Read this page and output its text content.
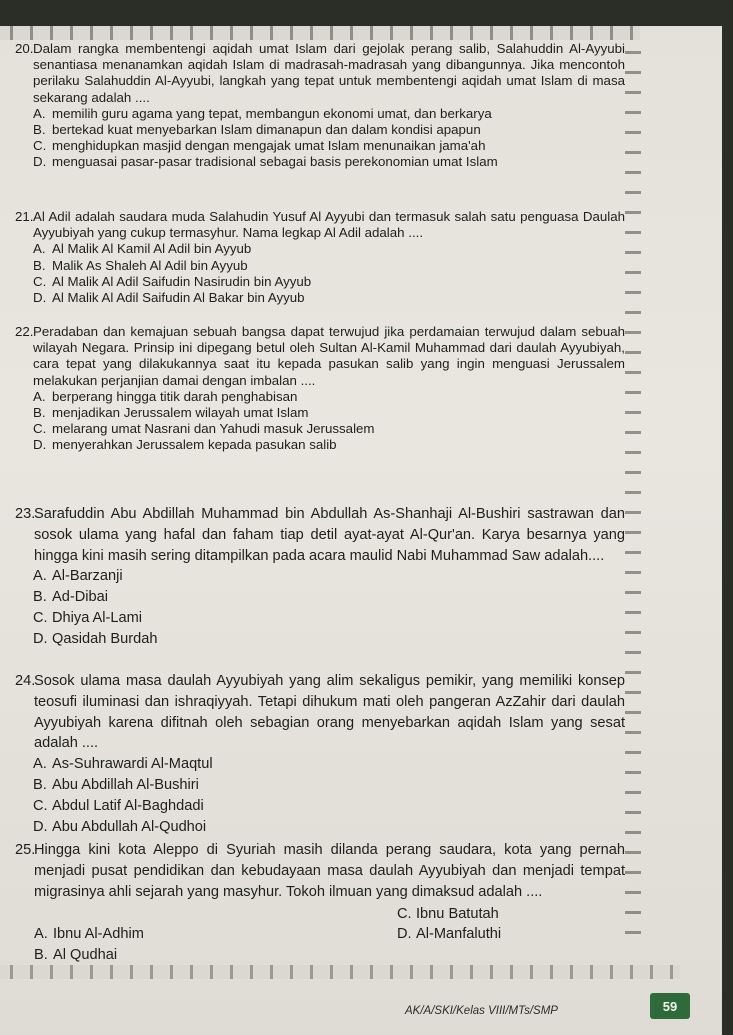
20. Dalam rangka membentengi aqidah umat Islam dari gejolak perang salib, Salahuddin Al-Ayyubi senantiasa menanamkan aqidah Islam di madrasah-madrasah yang dibangunnya. Jika mencontoh perilaku Salahuddin Al-Ayyubi, langkah yang tepat untuk membentengi aqidah umat Islam di masa sekarang adalah ....
A. memilih guru agama yang tepat, membangun ekonomi umat, dan berkarya
B. bertekad kuat menyebarkan Islam dimanapun dan dalam kondisi apapun
C. menghidupkan masjid dengan mengajak umat Islam menunaikan jama'ah
D. menguasai pasar-pasar tradisional sebagai basis perekonomian umat Islam
21. Al Adil adalah saudara muda Salahudin Yusuf Al Ayyubi dan termasuk salah satu penguasa Daulah Ayyubiyah yang cukup termasyhur. Nama legkap Al Adil adalah ....
A. Al Malik Al Kamil Al Adil bin Ayyub
B. Malik As Shaleh Al Adil bin Ayyub
C. Al Malik Al Adil Saifudin Nasirudin bin Ayyub
D. Al Malik Al Adil Saifudin Al Bakar bin Ayyub
22. Peradaban dan kemajuan sebuah bangsa dapat terwujud jika perdamaian terwujud dalam sebuah wilayah Negara. Prinsip ini dipegang betul oleh Sultan Al-Kamil Muhammad dari daulah Ayyubiyah, cara tepat yang dilakukannya saat itu kepada pasukan salib yang ingin menguasi Jerussalem melakukan perjanjian damai dengan imbalan ....
A. berperang hingga titik darah penghabisan
B. menjadikan Jerussalem wilayah umat Islam
C. melarang umat Nasrani dan Yahudi masuk Jerussalem
D. menyerahkan Jerussalem kepada pasukan salib
23.
Sarafuddin Abu Abdillah Muhammad bin Abdullah As-Shanhaji Al-Bushiri sastrawan dan sosok ulama yang hafal dan faham tiap detil ayat-ayat Al-Qur'an. Karya besarnya yang hingga kini masih sering ditampilkan pada acara maulid Nabi Muhammad Saw adalah....
A. Al-Barzanji
B. Ad-Dibai
C. Dhiya Al-Lami
D. Qasidah Burdah
24.
Sosok ulama masa daulah Ayyubiyah yang alim sekaligus pemikir, yang memiliki konsep teosufi iluminasi dan ishraqiyyah. Tetapi dihukum mati oleh pangeran AzZahir dari daulah Ayyubiyah karena difitnah oleh sebagian orang menyebarkan aqidah Islam yang sesat adalah ....
A. As-Suhrawardi Al-Maqtul
B. Abu Abdillah Al-Bushiri
C. Abdul Latif Al-Baghdadi
D. Abu Abdullah Al-Qudhoi
25.
Hingga kini kota Aleppo di Syuriah masih dilanda perang saudara, kota yang pernah menjadi pusat pendidikan dan kebudayaan masa daulah Ayyubiyah dan menjadi tempat migrasinya ahli sejarah yang masyhur. Tokoh ilmuan yang dimaksud adalah ....
A. Ibnu Al-Adhim
B. Al Qudhai
C. Ibnu Batutah
D. Al-Manfaluthi
AK/A/SKI/Kelas VIII/MTs/SMP	59
